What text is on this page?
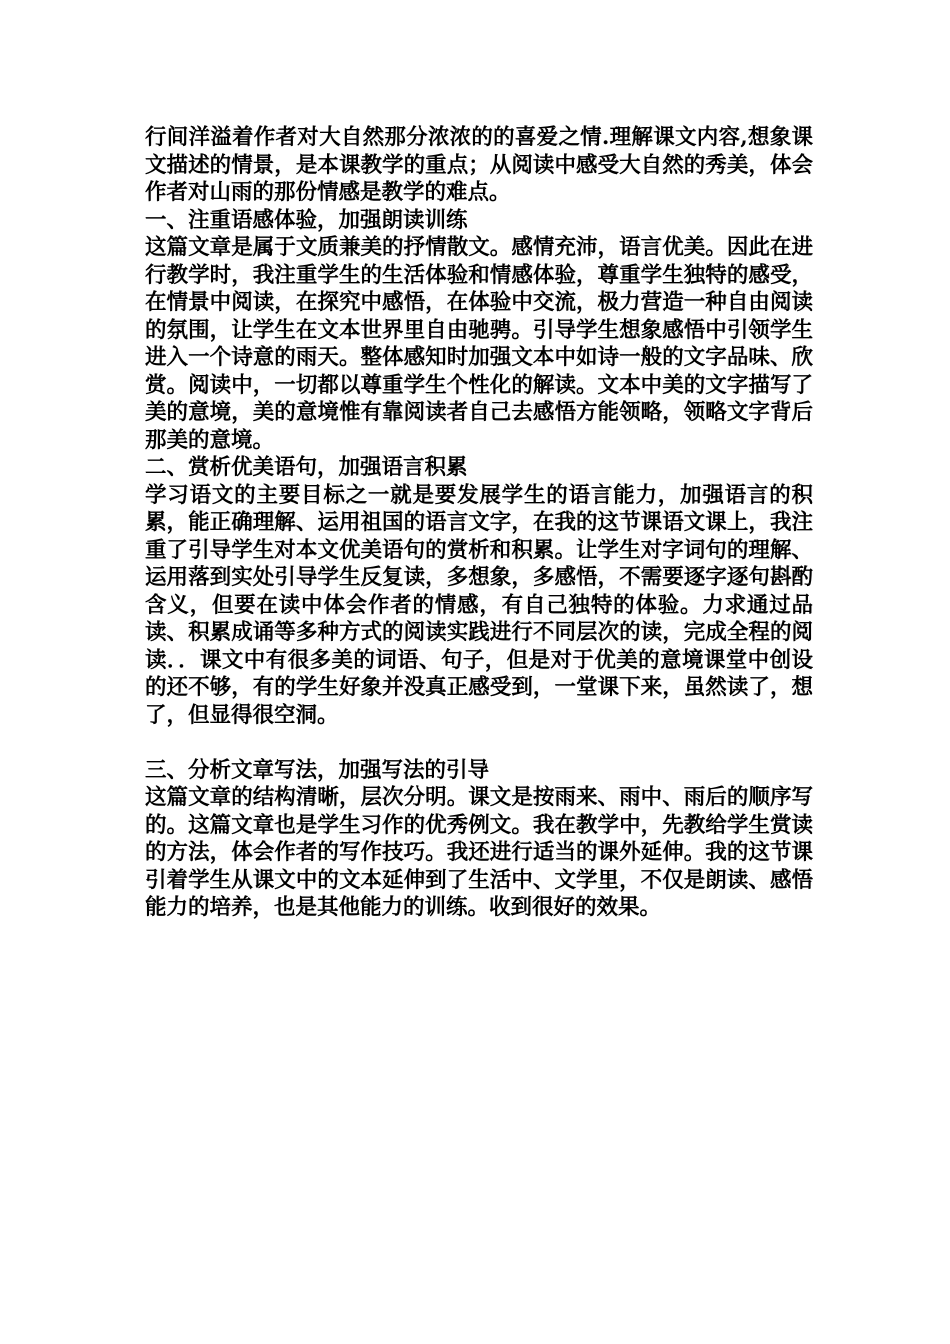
行间洋溢着作者对大自然那分浓浓的的喜爱之情.理解课文内容,想象课文描述的情景，是本课教学的重点；从阅读中感受大自然的秀美，体会作者对山雨的那份情感是教学的难点。

一、注重语感体验，加强朗读训练

这篇文章是属于文质兼美的抒情散文。感情充沛，语言优美。因此在进行教学时，我注重学生的生活体验和情感体验，尊重学生独特的感受，在情景中阅读，在探究中感悟，在体验中交流，极力营造一种自由阅读的氛围，让学生在文本世界里自由驰骋。引导学生想象感悟中引领学生进入一个诗意的雨天。整体感知时加强文本中如诗一般的文字品味、欣赏。阅读中，一切都以尊重学生个性化的解读。文本中美的文字描写了美的意境，美的意境惟有靠阅读者自己去感悟方能领略，领略文字背后那美的意境。

二、赏析优美语句，加强语言积累

学习语文的主要目标之一就是要发展学生的语言能力，加强语言的积累，能正确理解、运用祖国的语言文字，在我的这节课语文课上，我注重了引导学生对本文优美语句的赏析和积累。让学生对字词句的理解、运用落到实处引导学生反复读，多想象，多感悟，不需要逐字逐句斟酌含义，但要在读中体会作者的情感，有自己独特的体验。力求通过品读、积累成诵等多种方式的阅读实践进行不同层次的读，完成全程的阅读．．课文中有很多美的词语、句子，但是对于优美的意境课堂中创设的还不够，有的学生好象并没真正感受到，一堂课下来，虽然读了，想了，但显得很空洞。

三、分析文章写法，加强写法的引导

这篇文章的结构清晰，层次分明。课文是按雨来、雨中、雨后的顺序写的。这篇文章也是学生习作的优秀例文。我在教学中，先教给学生赏读的方法，体会作者的写作技巧。我还进行适当的课外延伸。我的这节课引着学生从课文中的文本延伸到了生活中、文学里，不仅是朗读、感悟能力的培养，也是其他能力的训练。收到很好的效果。
